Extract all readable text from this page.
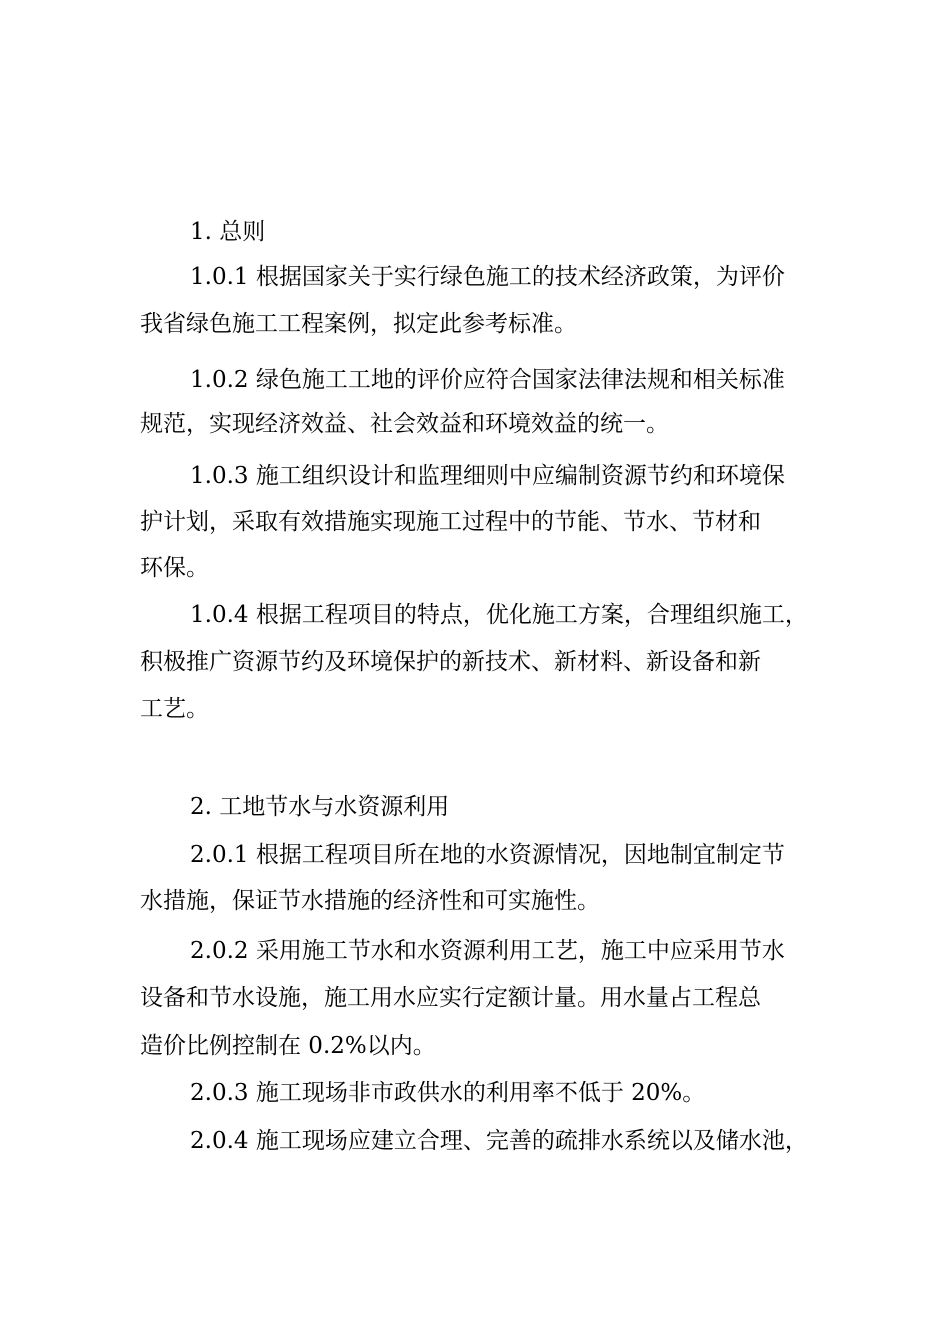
1. 总则
1.0.1 根据国家关于实行绿色施工的技术经济政策，为评价
我省绿色施工工程案例，拟定此参考标准。
1.0.2 绿色施工工地的评价应符合国家法律法规和相关标准
规范，实现经济效益、社会效益和环境效益的统一。
1.0.3 施工组织设计和监理细则中应编制资源节约和环境保
护计划，采取有效措施实现施工过程中的节能、节水、节材和
环保。
1.0.4 根据工程项目的特点，优化施工方案，合理组织施工，
积极推广资源节约及环境保护的新技术、新材料、新设备和新
工艺。
2. 工地节水与水资源利用
2.0.1 根据工程项目所在地的水资源情况，因地制宜制定节
水措施，保证节水措施的经济性和可实施性。
2.0.2 采用施工节水和水资源利用工艺，施工中应采用节水
设备和节水设施，施工用水应实行定额计量。用水量占工程总
造价比例控制在 0.2%以内。
2.0.3 施工现场非市政供水的利用率不低于 20%。
2.0.4 施工现场应建立合理、完善的疏排水系统以及储水池，
